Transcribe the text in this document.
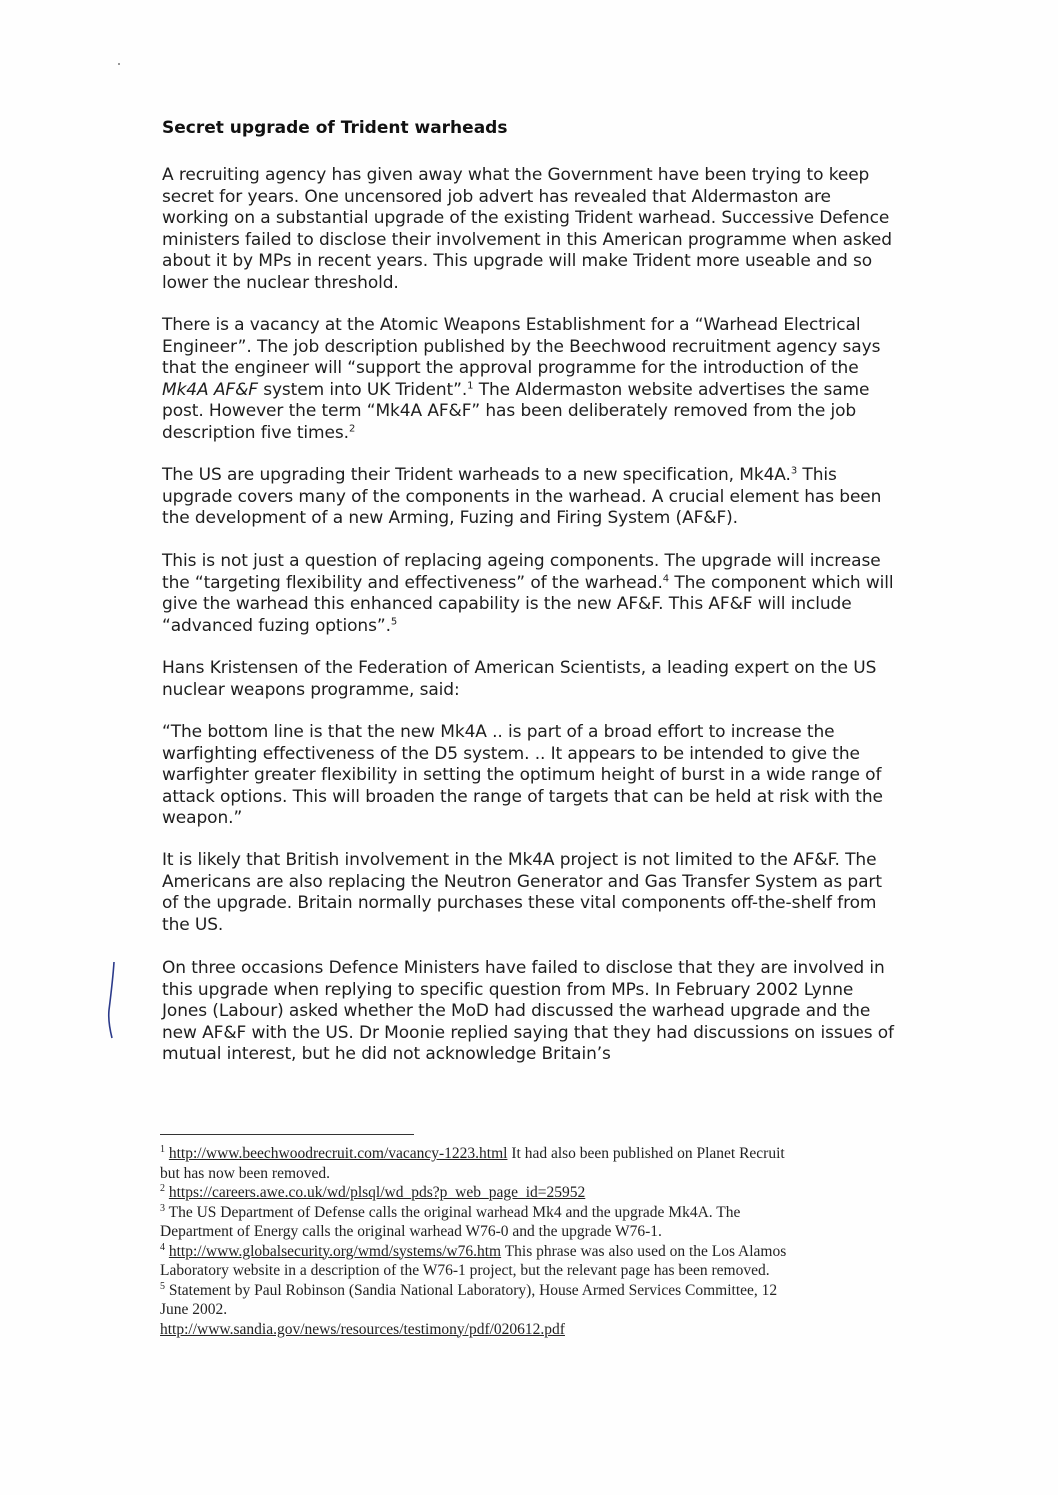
Secret upgrade of Trident warheads

A recruiting agency has given away what the Government have been trying to keep secret for years. One uncensored job advert has revealed that Aldermaston are working on a substantial upgrade of the existing Trident warhead. Successive Defence ministers failed to disclose their involvement in this American programme when asked about it by MPs in recent years. This upgrade will make Trident more useable and so lower the nuclear threshold.

There is a vacancy at the Atomic Weapons Establishment for a “Warhead Electrical Engineer”. The job description published by the Beechwood recruitment agency says that the engineer will “support the approval programme for the introduction of the Mk4A AF&F system into UK Trident”.$^1$ The Aldermaston website advertises the same post. However the term “Mk4A AF&F” has been deliberately removed from the job description five times.$^2$

The US are upgrading their Trident warheads to a new specification, Mk4A.$^3$ This upgrade covers many of the components in the warhead. A crucial element has been the development of a new Arming, Fuzing and Firing System (AF&F).

This is not just a question of replacing ageing components. The upgrade will increase the “targeting flexibility and effectiveness” of the warhead.$^4$ The component which will give the warhead this enhanced capability is the new AF&F. This AF&F will include “advanced fuzing options”.$^5$

Hans Kristensen of the Federation of American Scientists, a leading expert on the US nuclear weapons programme, said:

“The bottom line is that the new Mk4A .. is part of a broad effort to increase the warfighting effectiveness of the D5 system. .. It appears to be intended to give the warfighter greater flexibility in setting the optimum height of burst in a wide range of attack options. This will broaden the range of targets that can be held at risk with the weapon.”

It is likely that British involvement in the Mk4A project is not limited to the AF&F. The Americans are also replacing the Neutron Generator and Gas Transfer System as part of the upgrade. Britain normally purchases these vital components off-the-shelf from the US.

On three occasions Defence Ministers have failed to disclose that they are involved in this upgrade when replying to specific question from MPs. In February 2002 Lynne Jones (Labour) asked whether the MoD had discussed the warhead upgrade and the new AF&F with the US. Dr Moonie replied saying that they had discussions on issues of mutual interest, but he did not acknowledge Britain’s

$^1$ http://www.beechwoodrecruit.com/vacancy-1223.html It had also been published on Planet Recruit

but has now been removed.

$^2$ https://careers.awe.co.uk/wd/plsql/wd_pds?p_web_page_id=25952

$^3$ The US Department of Defense calls the original warhead Mk4 and the upgrade Mk4A. The

Department of Energy calls the original warhead W76-0 and the upgrade W76-1.

$^4$ http://www.globalsecurity.org/wmd/systems/w76.htm This phrase was also used on the Los Alamos

Laboratory website in a description of the W76-1 project, but the relevant page has been removed.

$^5$ Statement by Paul Robinson (Sandia National Laboratory), House Armed Services Committee, 12

June 2002.

http://www.sandia.gov/news/resources/testimony/pdf/020612.pdf
